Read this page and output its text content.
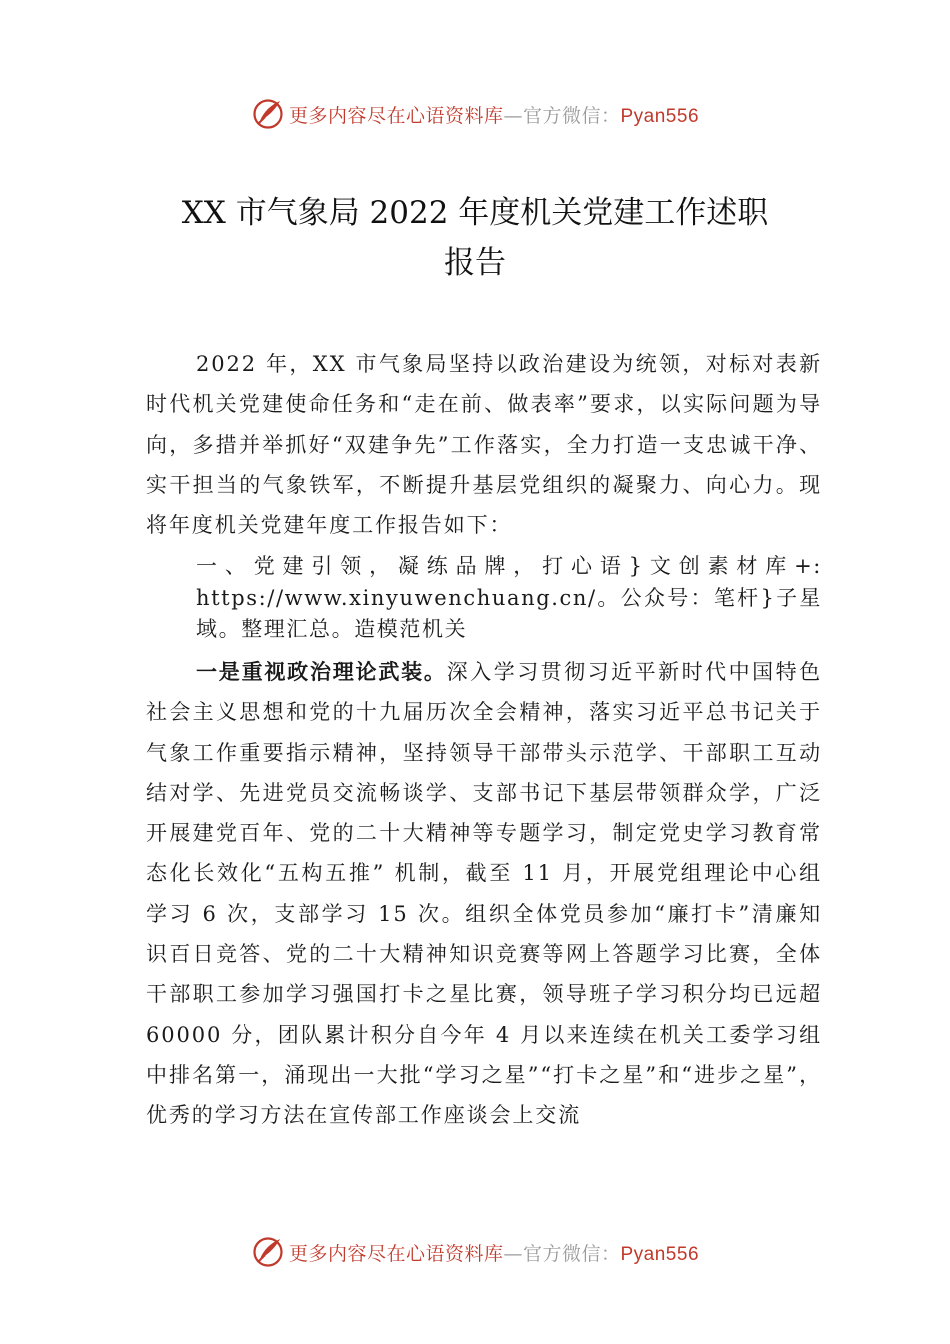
更多内容尽在心语资料库—官方微信：Pyan556
XX 市气象局 2022 年度机关党建工作述职
报告

2022 年，XX 市气象局坚持以政治建设为统领，对标对表新时代机关党建使命任务和“走在前、做表率”要求，以实际问题为导向，多措并举抓好“双建争先”工作落实，全力打造一支忠诚干净、实干担当的气象铁军，不断提升基层党组织的凝聚力、向心力。现将年度机关党建年度工作报告如下：

一、党建引领，凝练品牌，打心语}文创素材库+: https://www.xinyuwenchuang.cn/。公众号：笔杆}子星域。整理汇总。造模范机关

一是重视政治理论武装。深入学习贯彻习近平新时代中国特色社会主义思想和党的十九届历次全会精神，落实习近平总书记关于气象工作重要指示精神，坚持领导干部带头示范学、干部职工互动结对学、先进党员交流畅谈学、支部书记下基层带领群众学，广泛开展建党百年、党的二十大精神等专题学习，制定党史学习教育常态化长效化“五构五推” 机制，截至 11 月，开展党组理论中心组学习 6 次，支部学习 15 次。组织全体党员参加“廉打卡”清廉知识百日竞答、党的二十大精神知识竞赛等网上答题学习比赛，全体干部职工参加学习强国打卡之星比赛，领导班子学习积分均已远超 60000 分，团队累计积分自今年 4 月以来连续在机关工委学习组中排名第一，涌现出一大批“学习之星”“打卡之星”和“进步之星”，优秀的学习方法在宣传部工作座谈会上交流

更多内容尽在心语资料库—官方微信：Pyan556
